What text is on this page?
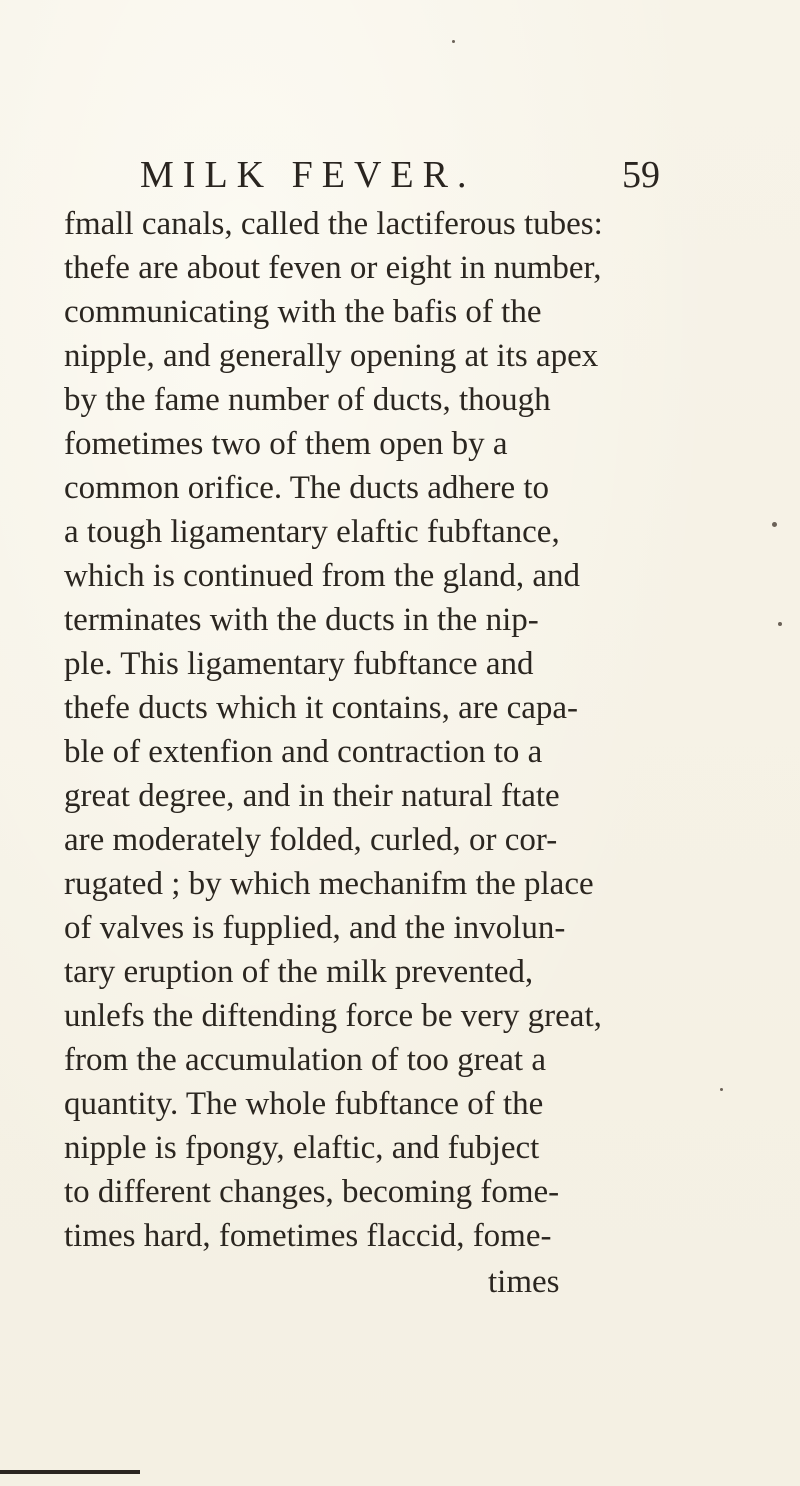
MILK FEVER.	59
fmall canals, called the lactiferous tubes:
thefe are about feven or eight in number,
communicating with the bafis of the
nipple, and generally opening at its apex
by the fame number of ducts, though
fometimes two of them open by a
common orifice. The ducts adhere to
a tough ligamentary elaftic fubftance,
which is continued from the gland, and
terminates with the ducts in the nip-
ple. This ligamentary fubftance and
thefe ducts which it contains, are capa-
ble of extenfion and contraction to a
great degree, and in their natural ftate
are moderately folded, curled, or cor-
rugated ; by which mechanifm the place
of valves is fupplied, and the involun-
tary eruption of the milk prevented,
unlefs the diftending force be very great,
from the accumulation of too great a
quantity. The whole fubftance of the
nipple is fpongy, elaftic, and fubject
to different changes, becoming fome-
times hard, fometimes flaccid, fome-
times
